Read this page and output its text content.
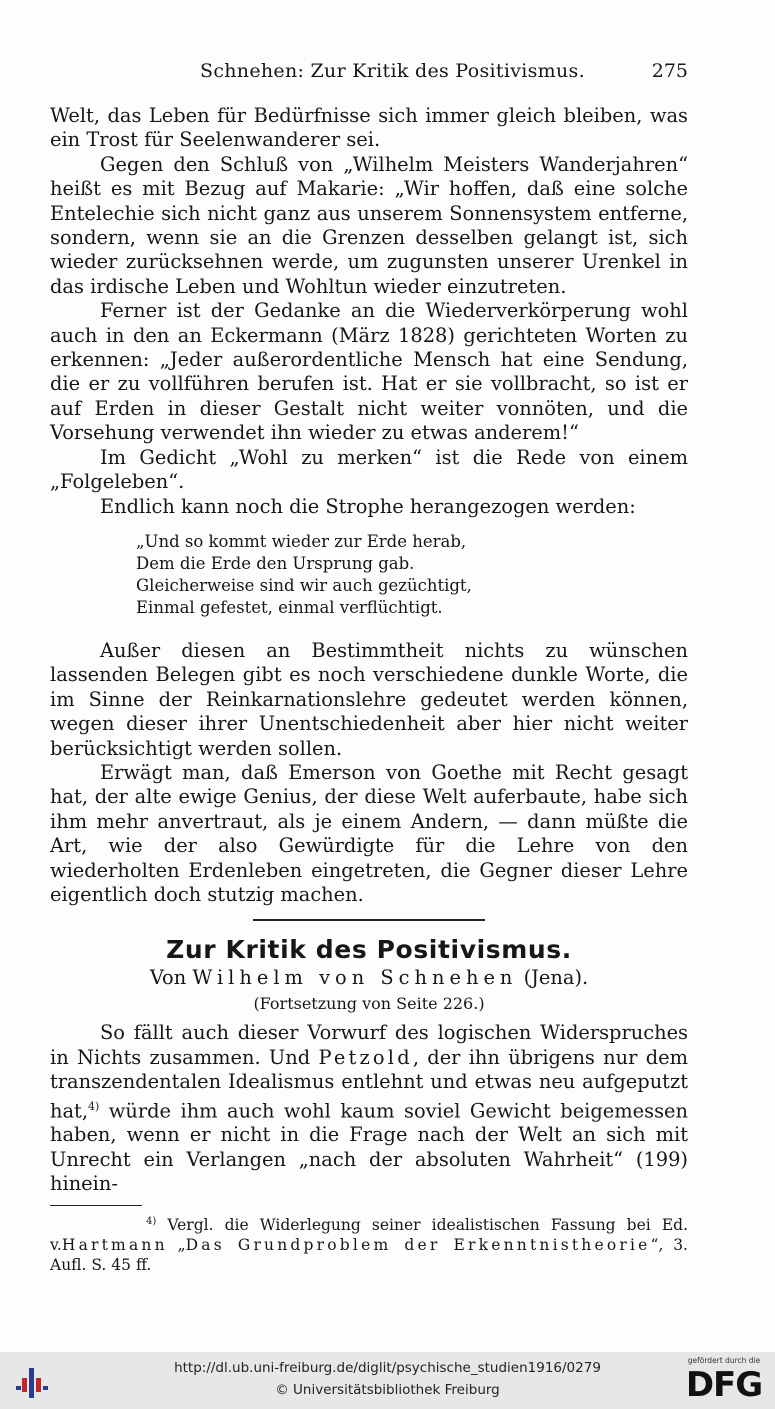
Schnehen: Zur Kritik des Positivismus.	275

Welt, das Leben für Bedürfnisse sich immer gleich bleiben, was ein Trost für Seelenwanderer sei.

Gegen den Schluß von „Wilhelm Meisters Wanderjahren“ heißt es mit Bezug auf Makarie: „Wir hoffen, daß eine solche Entelechie sich nicht ganz aus unserem Sonnensystem entferne, sondern, wenn sie an die Grenzen desselben gelangt ist, sich wieder zurücksehnen werde, um zugunsten unserer Urenkel in das irdische Leben und Wohltun wieder einzutreten.

Ferner ist der Gedanke an die Wiederverkörperung wohl auch in den an Eckermann (März 1828) gerichteten Worten zu erkennen: „Jeder außerordentliche Mensch hat eine Sendung, die er zu vollführen berufen ist. Hat er sie vollbracht, so ist er auf Erden in dieser Gestalt nicht weiter vonnöten, und die Vorsehung verwendet ihn wieder zu etwas anderem!“

Im Gedicht „Wohl zu merken“ ist die Rede von einem „Folgeleben“.

Endlich kann noch die Strophe herangezogen werden:

„Und so kommt wieder zur Erde herab,
Dem die Erde den Ursprung gab.
Gleicherweise sind wir auch gezüchtigt,
Einmal gefestet, einmal verflüchtigt.

Außer diesen an Bestimmtheit nichts zu wünschen lassenden Belegen gibt es noch verschiedene dunkle Worte, die im Sinne der Reinkarnationslehre gedeutet werden können, wegen dieser ihrer Unentschiedenheit aber hier nicht weiter berücksichtigt werden sollen.

Erwägt man, daß Emerson von Goethe mit Recht gesagt hat, der alte ewige Genius, der diese Welt auferbaute, habe sich ihm mehr anvertraut, als je einem Andern, — dann müßte die Art, wie der also Gewürdigte für die Lehre von den wiederholten Erdenleben eingetreten, die Gegner dieser Lehre eigentlich doch stutzig machen.

Zur Kritik des Positivismus.
Von Wilhelm von Schnehen (Jena).
(Fortsetzung von Seite 226.)

So fällt auch dieser Vorwurf des logischen Widerspruches in Nichts zusammen. Und Petzold, der ihn übrigens nur dem transzendentalen Idealismus entlehnt und etwas neu aufgeputzt hat,$^{4)}$ würde ihm auch wohl kaum soviel Gewicht beigemessen haben, wenn er nicht in die Frage nach der Welt an sich mit Unrecht ein Verlangen „nach der absoluten Wahrheit“ (199) hinein-

$^{4)}$ Vergl. die Widerlegung seiner idealistischen Fassung bei Ed. v.Hartmann „Das Grundproblem der Erkenntnistheorie“, 3. Aufl. S. 45 ff.

http://dl.ub.uni-freiburg.de/diglit/psychische_studien1916/0279
© Universitätsbibliothek Freiburg
gefördert durch die
DFG
